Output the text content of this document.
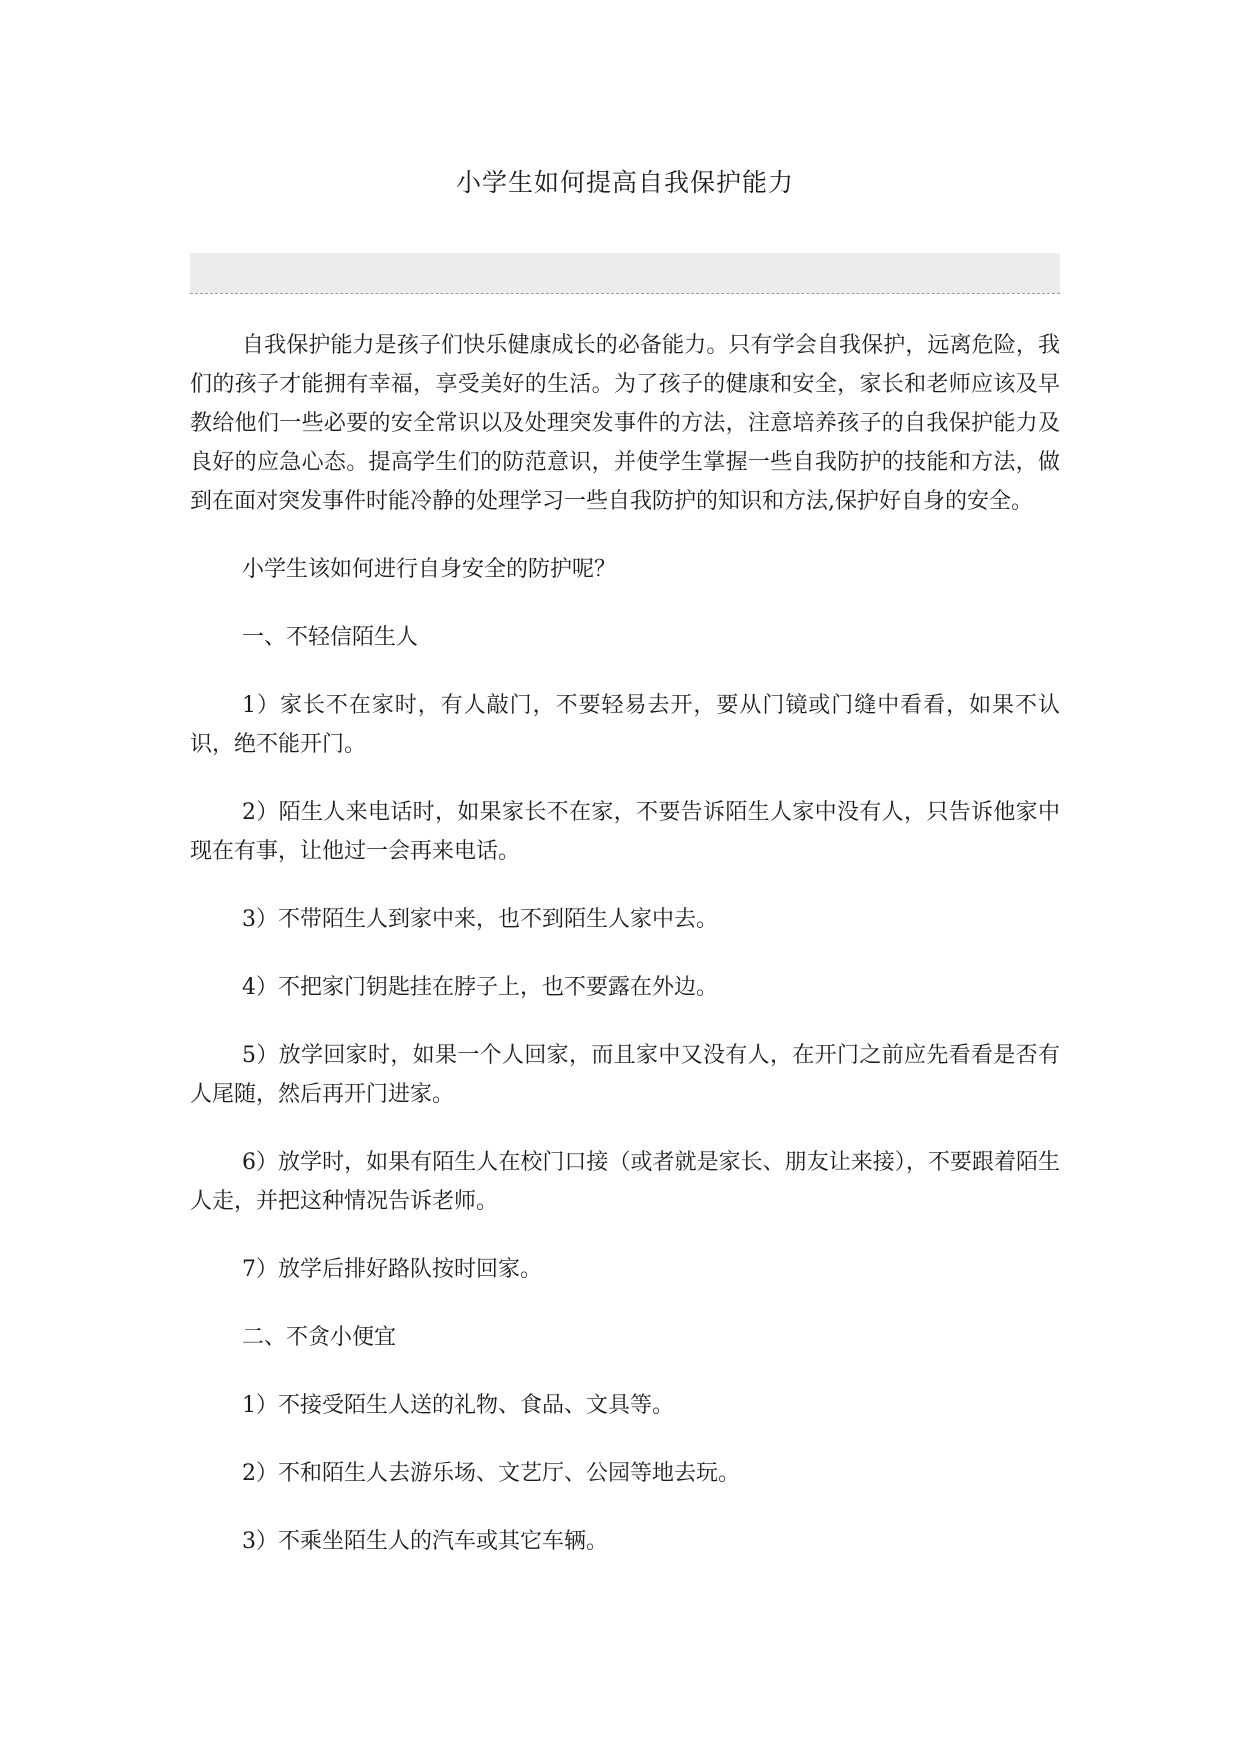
小学生如何提高自我保护能力

自我保护能力是孩子们快乐健康成长的必备能力。只有学会自我保护，远离危险，我们的孩子才能拥有幸福，享受美好的生活。为了孩子的健康和安全，家长和老师应该及早教给他们一些必要的安全常识以及处理突发事件的方法，注意培养孩子的自我保护能力及良好的应急心态。提高学生们的防范意识，并使学生掌握一些自我防护的技能和方法，做到在面对突发事件时能冷静的处理学习一些自我防护的知识和方法,保护好自身的安全。

小学生该如何进行自身安全的防护呢？

一、不轻信陌生人

1）家长不在家时，有人敲门，不要轻易去开，要从门镜或门缝中看看，如果不认识，绝不能开门。

2）陌生人来电话时，如果家长不在家，不要告诉陌生人家中没有人，只告诉他家中现在有事，让他过一会再来电话。

3）不带陌生人到家中来，也不到陌生人家中去。

4）不把家门钥匙挂在脖子上，也不要露在外边。

5）放学回家时，如果一个人回家，而且家中又没有人，在开门之前应先看看是否有人尾随，然后再开门进家。

6）放学时，如果有陌生人在校门口接（或者就是家长、朋友让来接），不要跟着陌生人走，并把这种情况告诉老师。

7）放学后排好路队按时回家。

二、不贪小便宜

1）不接受陌生人送的礼物、食品、文具等。

2）不和陌生人去游乐场、文艺厅、公园等地去玩。

3）不乘坐陌生人的汽车或其它车辆。
